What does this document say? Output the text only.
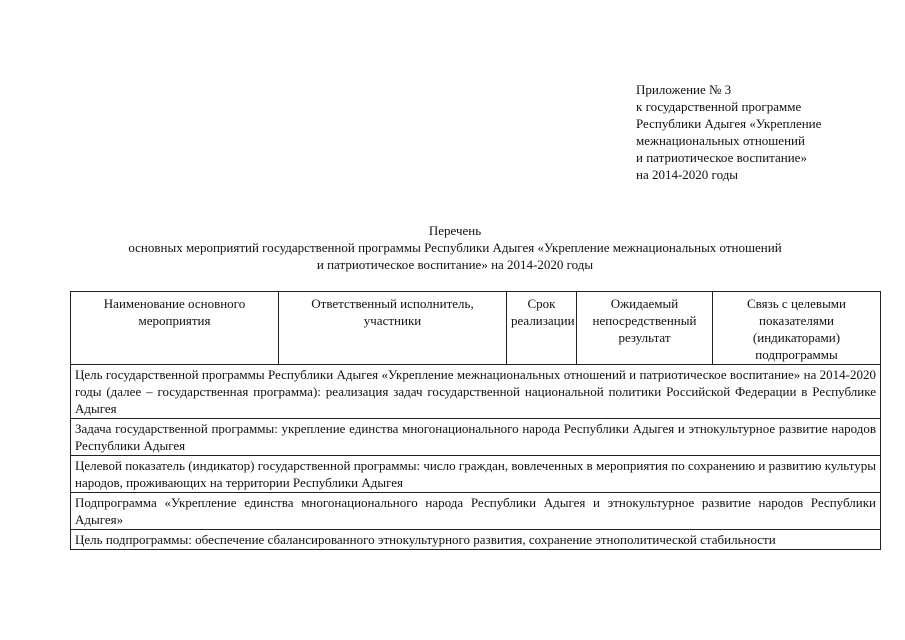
Приложение № 3
к государственной программе
Республики Адыгея «Укрепление
межнациональных отношений
и патриотическое воспитание»
на 2014-2020 годы
Перечень
основных мероприятий государственной программы Республики Адыгея «Укрепление межнациональных отношений
и патриотическое воспитание» на 2014-2020 годы
Наименование основного мероприятия	Ответственный исполнитель, участники	Срок реализации	Ожидаемый непосредственный результат	Связь с целевыми показателями (индикаторами) подпрограммы
Цель государственной программы Республики Адыгея «Укрепление межнациональных отношений и патриотическое воспитание» на 2014-2020 годы (далее – государственная программа): реализация задач государственной национальной политики Российской Федерации в Республике Адыгея
Задача государственной программы: укрепление единства многонационального народа Республики Адыгея и этнокультурное развитие народов Республики Адыгея
Целевой показатель (индикатор) государственной программы: число граждан, вовлеченных в мероприятия по сохранению и развитию культуры народов, проживающих на территории Республики Адыгея
Подпрограмма «Укрепление единства многонационального народа Республики Адыгея и этнокультурное развитие народов Республики Адыгея»
Цель подпрограммы: обеспечение сбалансированного этнокультурного развития, сохранение этнополитической стабильности
